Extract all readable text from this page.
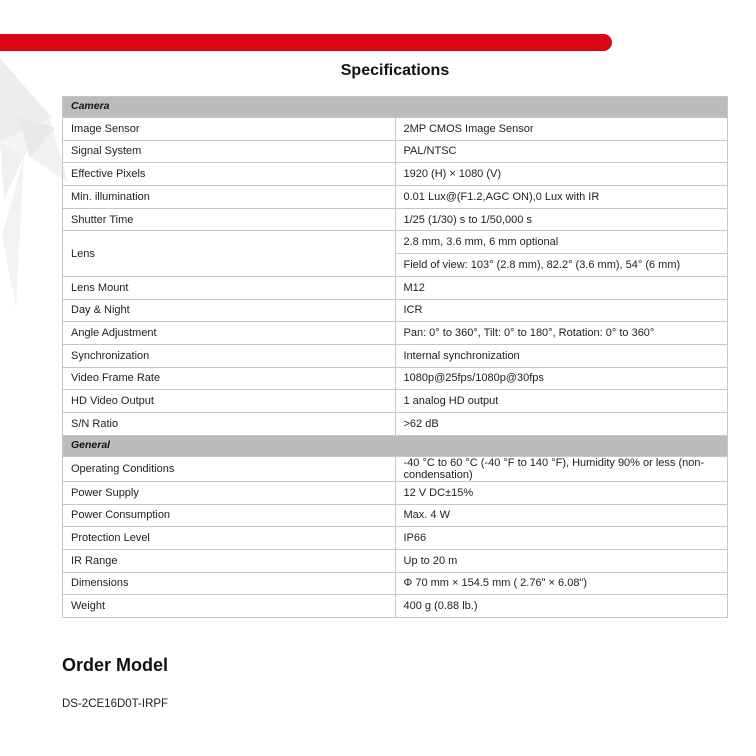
Specifications
Camera	
Image Sensor	2MP CMOS Image Sensor
Signal System	PAL/NTSC
Effective Pixels	1920 (H) × 1080 (V)
Min. illumination	0.01 Lux@(F1.2,AGC ON),0 Lux with IR
Shutter Time	1/25 (1/30) s to 1/50,000 s
Lens	2.8 mm, 3.6 mm, 6 mm optional
	Field of view: 103° (2.8 mm), 82.2° (3.6 mm), 54° (6 mm)
Lens Mount	M12
Day & Night	ICR
Angle Adjustment	Pan: 0° to 360°, Tilt: 0° to 180°, Rotation: 0° to 360°
Synchronization	Internal synchronization
Video Frame Rate	1080p@25fps/1080p@30fps
HD Video Output	1 analog HD output
S/N Ratio	>62 dB
General	
Operating Conditions	-40 °C to 60 °C (-40 °F to 140 °F), Humidity 90% or less (non-condensation)
Power Supply	12 V DC±15%
Power Consumption	Max. 4 W
Protection Level	IP66
IR Range	Up to 20 m
Dimensions	Φ 70 mm × 154.5 mm ( 2.76" × 6.08")
Weight	400 g (0.88 lb.)
Order Model
DS-2CE16D0T-IRPF
